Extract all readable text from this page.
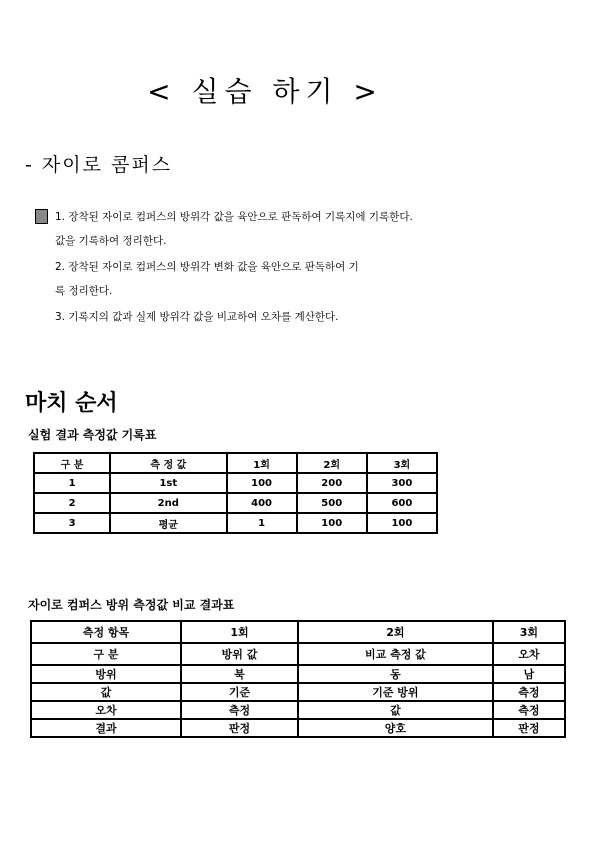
< 실습 하기 >
- 자이로 콤퍼스
1. 장착된 자이로 컴퍼스의 방위각 값을 육안으로 판독하여 기록지에 기록한다.
값을 기록하여 정리한다.
2. 장착된 자이로 컴퍼스의 방위각 변화 값을 육안으로 판독하여 기
록 정리한다.
3. 기록지의 값과 실제 방위각 값을 비교하여 오차를 계산한다.
마치 순서
실험 결과 측정값 기록표
구 분	측 정 값	1회	2회	3회
1	1st	100	200	300
2	2nd	400	500	600
3	평균	1	100	100
자이로 컴퍼스 방위 측정값 비교 결과표
측정 항목	1회	2회	3회
구 분	방위 값	비교 측정 값	오차
방위	북	동	남
값	기준	기준 방위	측정
오차	측정	값	측정
결과	판정	양호	판정
